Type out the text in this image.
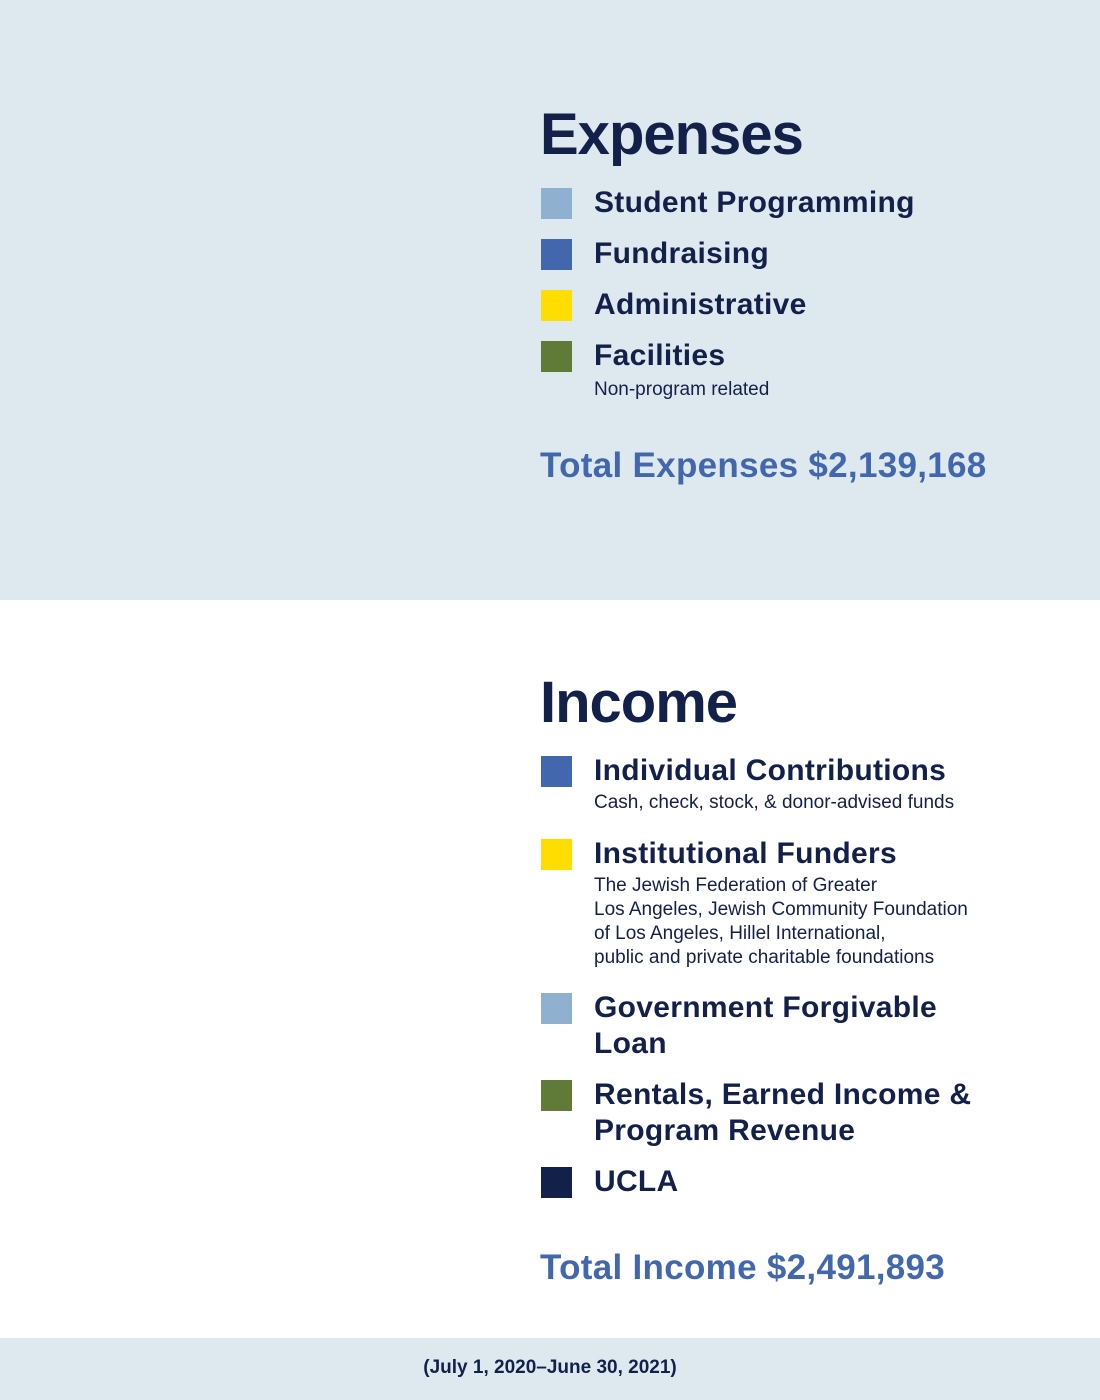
Expenses
Student Programming
Fundraising
Administrative
Facilities
Non-program related
Total Expenses $2,139,168
Income
Individual Contributions
Cash, check, stock, & donor-advised funds
Institutional Funders
The Jewish Federation of Greater
Los Angeles, Jewish Community Foundation
of Los Angeles, Hillel International,
public and private charitable foundations
Government Forgivable Loan
Rentals, Earned Income & Program Revenue
UCLA
Total Income $2,491,893
(July 1, 2020–June 30, 2021)
